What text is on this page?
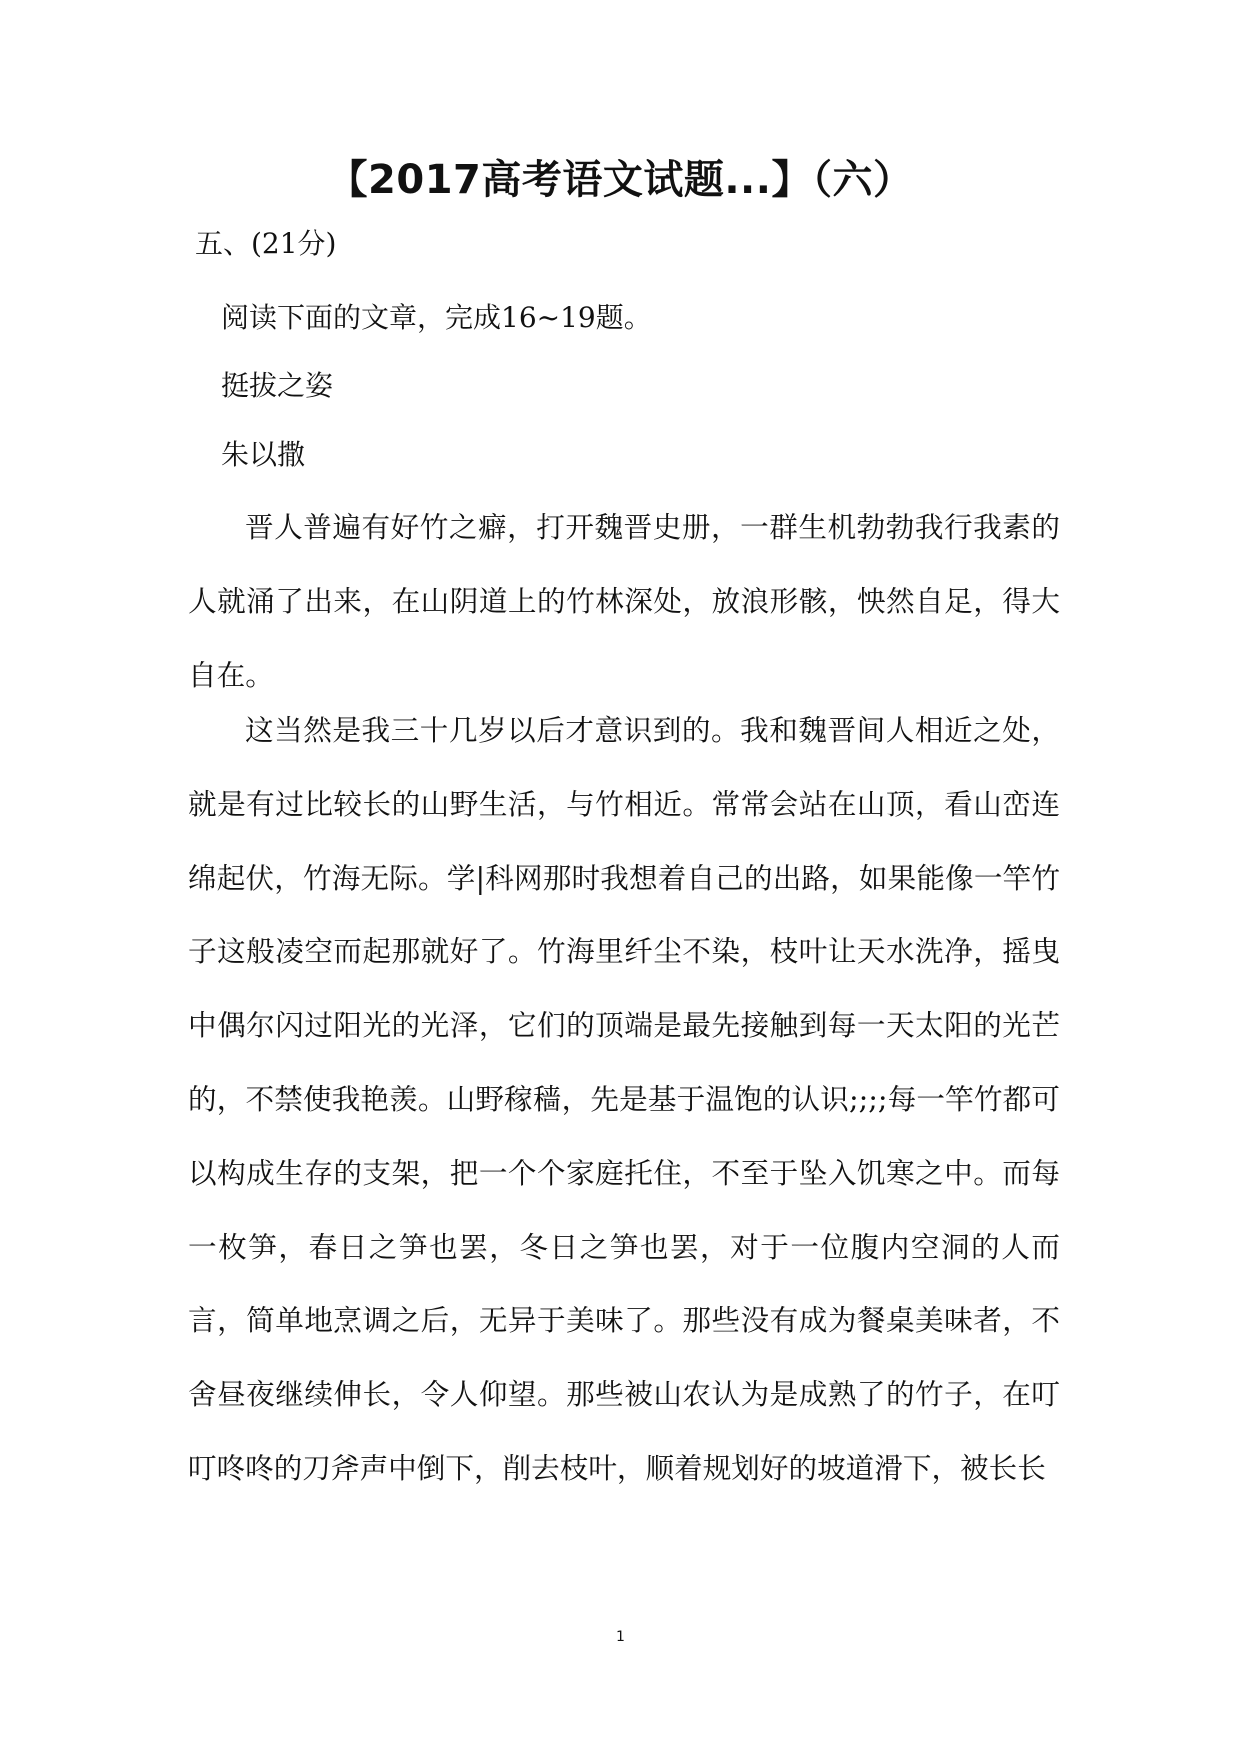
【2017高考语文试题...】（六）

五、(21分)

阅读下面的文章，完成16~19题。

挺拔之姿

朱以撒

晋人普遍有好竹之癖，打开魏晋史册，一群生机勃勃我行我素的人就涌了出来，在山阴道上的竹林深处，放浪形骸，怏然自足，得大自在。

这当然是我三十几岁以后才意识到的。我和魏晋间人相近之处，就是有过比较长的山野生活，与竹相近。常常会站在山顶，看山峦连绵起伏，竹海无际。学|科网那时我想着自己的出路，如果能像一竿竹子这般凌空而起那就好了。竹海里纤尘不染，枝叶让天水洗净，摇曳中偶尔闪过阳光的光泽，它们的顶端是最先接触到每一天太阳的光芒的，不禁使我艳羡。山野稼穑，先是基于温饱的认识;;;;每一竿竹都可以构成生存的支架，把一个个家庭托住，不至于坠入饥寒之中。而每一枚笋，春日之笋也罢，冬日之笋也罢，对于一位腹内空洞的人而言，简单地烹调之后，无异于美味了。那些没有成为餐桌美味者，不舍昼夜继续伸长，令人仰望。那些被山农认为是成熟了的竹子，在叮叮咚咚的刀斧声中倒下，削去枝叶，顺着规划好的坡道滑下，被长长

1
